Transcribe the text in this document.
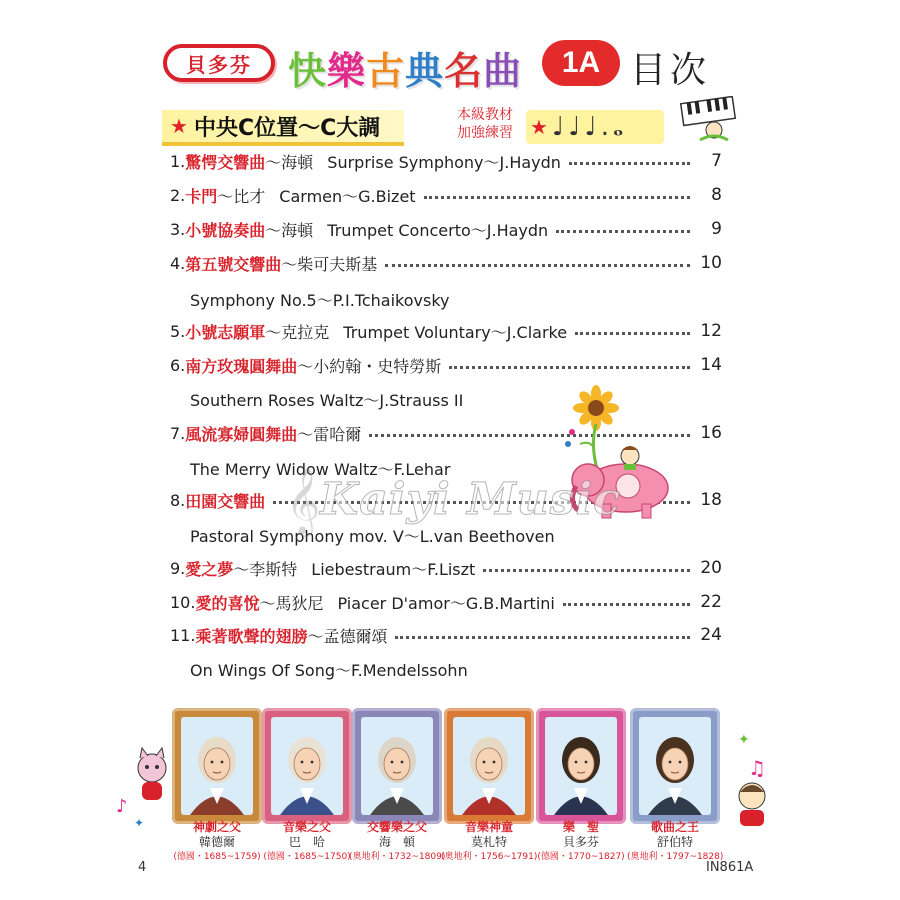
貝多芬 快 樂 古 典 名 曲	1A 目次
★ 中央C位置～C大調
本級教材
加強練習 ★ ♩♩♩.𝅝
1. 驚愕交響曲 ～海頓 Surprise Symphony～J.Haydn	7
2. 卡門 ～比才 Carmen～G.Bizet	8
3. 小號協奏曲 ～海頓 Trumpet Concerto～J.Haydn	9
4. 第五號交響曲 ～柴可夫斯基	10
Symphony No.5～P.I.Tchaikovsky
5. 小號志願軍 ～克拉克 Trumpet Voluntary～J.Clarke	12
6. 南方玫瑰圓舞曲 ～小約翰・史特勞斯	14
Southern Roses Waltz～J.Strauss II
7. 風流寡婦圓舞曲 ～雷哈爾	16
The Merry Widow Waltz～F.Lehar
8. 田園交響曲	18
Pastoral Symphony mov. V～L.van Beethoven
9. 愛之夢 ～李斯特 Liebestraum～F.Liszt	20
10. 愛的喜悅 ～馬狄尼 Piacer D'amor～G.B.Martini	22
11. 乘著歌聲的翅膀 ～孟德爾頌	24
On Wings Of Song～F.Mendelssohn
𝄞 Kaiyi Music
♪
✦
✦
♫
神劇之父
韓德爾
(德國・1685~1759)
音樂之父
巴　哈
(德國・1685~1750)
交響樂之父
海　頓
(奧地利・1732~1809)
音樂神童
莫札特
(奧地利・1756~1791)
樂　聖
貝多芬
(德國・1770~1827)
歌曲之王
舒伯特
(奧地利・1797~1828)
4	IN861A
